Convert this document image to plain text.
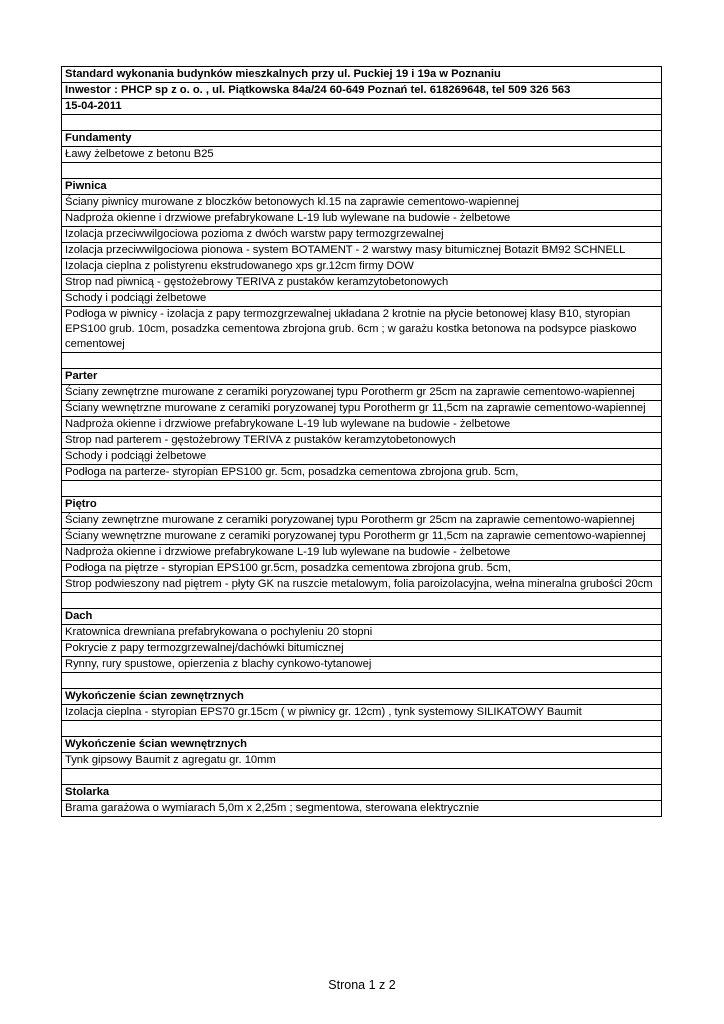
Standard wykonania budynków mieszkalnych przy ul. Puckiej 19 i 19a w Poznaniu
Inwestor : PHCP sp z o. o. , ul. Piątkowska 84a/24 60-649 Poznań tel. 618269648, tel 509 326 563
15-04-2011

Fundamenty
Ławy żelbetowe z betonu B25

Piwnica
Ściany piwnicy murowane z bloczków betonowych kl.15 na zaprawie cementowo-wapiennej
Nadproża okienne i drzwiowe prefabrykowane L-19 lub wylewane na budowie - żelbetowe
Izolacja przeciwwilgociowa pozioma z dwóch warstw papy termozgrzewalnej
Izolacja przeciwwilgociowa pionowa - system BOTAMENT - 2 warstwy masy bitumicznej Botazit BM92 SCHNELL
Izolacja cieplna z polistyrenu ekstrudowanego xps gr.12cm firmy DOW
Strop nad piwnicą - gęstożebrowy TERIVA z pustaków keramzytobetonowych
Schody i podciągi żelbetowe
Podłoga w piwnicy - izolacja z papy termozgrzewalnej układana 2 krotnie na płycie betonowej klasy B10, styropian EPS100 grub. 10cm, posadzka cementowa zbrojona grub. 6cm ; w garażu kostka betonowa na podsypce piaskowo cementowej

Parter
Ściany zewnętrzne murowane z ceramiki poryzowanej typu Porotherm gr 25cm na zaprawie cementowo-wapiennej
Ściany wewnętrzne murowane z ceramiki poryzowanej typu Porotherm gr 11,5cm na zaprawie cementowo-wapiennej
Nadproża okienne i drzwiowe prefabrykowane L-19 lub wylewane na budowie - żelbetowe
Strop nad parterem - gęstożebrowy TERIVA z pustaków keramzytobetonowych
Schody i podciągi żelbetowe
Podłoga na parterze- styropian EPS100 gr. 5cm, posadzka cementowa zbrojona grub. 5cm,

Piętro
Ściany zewnętrzne murowane z ceramiki poryzowanej typu Porotherm gr 25cm na zaprawie cementowo-wapiennej
Ściany wewnętrzne murowane z ceramiki poryzowanej typu Porotherm gr 11,5cm na zaprawie cementowo-wapiennej
Nadproża okienne i drzwiowe prefabrykowane L-19 lub wylewane na budowie - żelbetowe
Podłoga na piętrze - styropian EPS100 gr.5cm, posadzka cementowa zbrojona grub. 5cm,
Strop podwieszony nad piętrem - płyty GK na ruszcie metalowym, folia paroizolacyjna, wełna mineralna grubości 20cm

Dach
Kratownica drewniana prefabrykowana o pochyleniu 20 stopni
Pokrycie z papy termozgrzewalnej/dachówki bitumicznej
Rynny, rury spustowe, opierzenia z blachy cynkowo-tytanowej

Wykończenie ścian zewnętrznych
Izolacja cieplna - styropian EPS70 gr.15cm ( w piwnicy gr. 12cm) , tynk systemowy SILIKATOWY Baumit

Wykończenie ścian wewnętrznych
Tynk gipsowy Baumit z agregatu gr. 10mm

Stolarka
Brama garażowa o wymiarach 5,0m x 2,25m ; segmentowa, sterowana elektrycznie
Strona 1 z 2
